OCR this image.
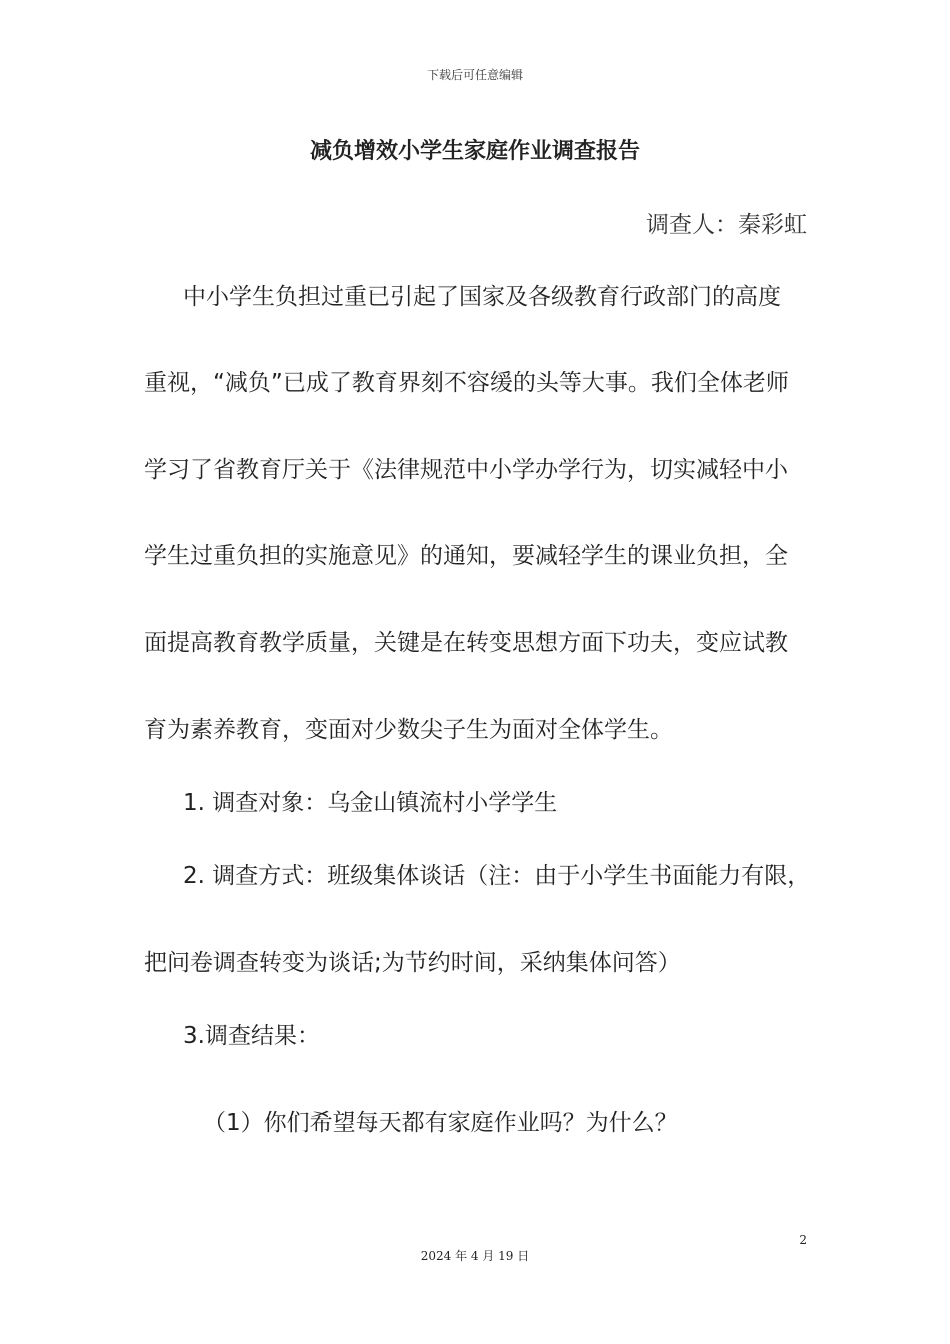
下载后可任意编辑
减负增效小学生家庭作业调查报告
调查人：秦彩虹
中小学生负担过重已引起了国家及各级教育行政部门的高度
重视，“减负”已成了教育界刻不容缓的头等大事。我们全体老师
学习了省教育厅关于《法律规范中小学办学行为，切实减轻中小
学生过重负担的实施意见》的通知，要减轻学生的课业负担，全
面提高教育教学质量，关键是在转变思想方面下功夫，变应试教
育为素养教育，变面对少数尖子生为面对全体学生。
1. 调查对象：乌金山镇流村小学学生
2. 调查方式：班级集体谈话（注：由于小学生书面能力有限，
把问卷调查转变为谈话;为节约时间，采纳集体问答）
3.调查结果：
（1）你们希望每天都有家庭作业吗？为什么？
2
2024 年 4 月 19 日
